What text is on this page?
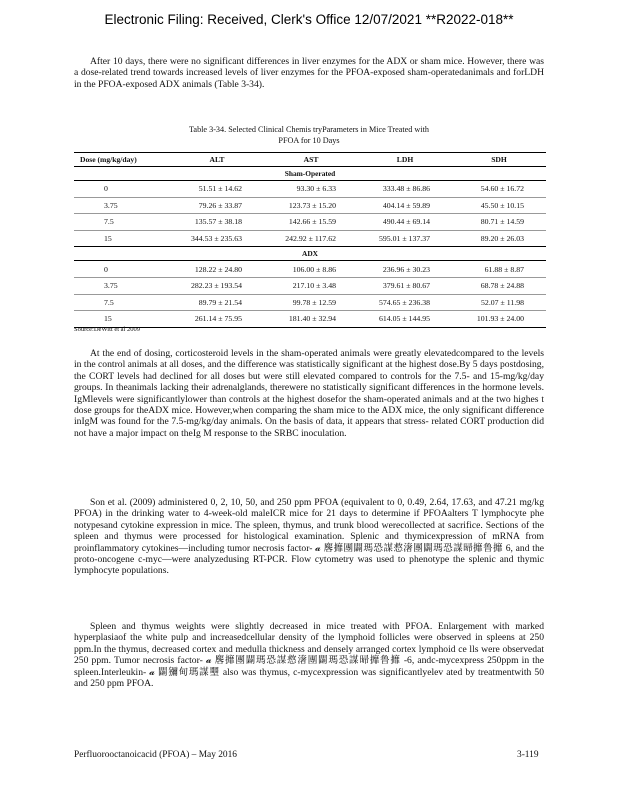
Electronic Filing: Received, Clerk's Office 12/07/2021 **R2022-018**

After 10 days, there were no significant differences in liver enzymes for the ADX or sham mice. However, there was a dose-related trend towards increased levels of liver enzymes for the PFOA-exposed sham-operatedanimals and forLDH in the PFOA-exposed ADX animals (Table 3-34).

Table 3-34. Selected Clinical Chemis tryParameters in Mice Treated with
PFOA for 10 Days
Dose (mg/kg/day)	ALT	AST	LDH	SDH
Sham-Operated				
0	51.51 ± 14.62	93.30 ± 6.33	333.48 ± 86.86	54.60 ± 16.72
3.75	79.26 ± 33.87	123.73 ± 15.20	404.14 ± 59.89	45.50 ± 10.15
7.5	135.57 ± 38.18	142.66 ± 15.59	490.44 ± 69.14	80.71 ± 14.59
15	344.53 ± 235.63	242.92 ± 117.62	595.01 ± 137.37	89.20 ± 26.03
ADX				
0	128.22 ± 24.80	106.00 ± 8.86	236.96 ± 30.23	61.88 ± 8.87
3.75	282.23 ± 193.54	217.10 ± 3.48	379.61 ± 80.67	68.78 ± 24.88
7.5	89.79 ± 21.54	99.78 ± 12.59	574.65 ± 236.38	52.07 ± 11.98
15	261.14 ± 75.95	181.40 ± 32.94	614.05 ± 144.95	101.93 ± 24.00
Source:DeWitt et al 2009

At the end of dosing, corticosteroid levels in the sham-operated animals were greatly elevatedcompared to the levels in the control animals at all doses, and the difference was statistically significant at the highest dose.By 5 days postdosing, the CORT levels had declined for all doses but were still elevated compared to controls for the 7.5- and 15-mg/kg/day groups. In theanimals lacking their adrenalglands, therewere no statistically significant differences in the hormone levels. IgMlevels were significantlylower than controls at the highest dosefor the sham-operated animals and at the two highes t dose groups for theADX mice. However,when comparing the sham mice to the ADX mice, the only significant difference inIgM was found for the 7.5-mg/kg/day animals. On the basis of data, it appears that stress- related CORT production did not have a major impact on theIg M response to the SRBC inoculation.

Son et al. (2009) administered 0, 2, 10, 50, and 250 ppm PFOA (equivalent to 0, 0.49, 2.64, 17.63, and 47.21 mg/kg PFOA) in the drinking water to 4-week-old maleICR mice for 21 days to determine if PFOAalters T lymphocyte phe notypesand cytokine expression in mice. The spleen, thymus, and trunk blood werecollected at sacrifice. Sections of the spleen and thymus were processed for histological examination. Splenic and thymicexpression of mRNA from proinflammatory cytokines—including tumor necrosis factor- 𝓪 麐攠團闢瑪恐謀慦㵔團闢瑪恐謀㫶攠鲁攠 6, and the proto-oncogene c-myc—were analyzedusing RT-PCR. Flow cytometry was used to phenotype the splenic and thymic lymphocyte populations.

Spleen and thymus weights were slightly decreased in mice treated with PFOA. Enlargement with marked hyperplasiaof the white pulp and increasedcellular density of the lymphoid follicles were observed in spleens at 250 ppm.In the thymus, decreased cortex and medulla thickness and densely arranged cortex lymphoid ce lls were observedat 250 ppm. Tumor necrosis factor- 𝓪 麐攠團闢瑪恐謀慦㵔團闢瑪恐謀㫶攠鲁攠 -6, andc-mycexpress 250ppm in the spleen.Interleukin- 𝓪 闢獼甸瑪謀壨 also was thymus, c-mycexpression was significantlyelev ated by treatmentwith 50 and 250 ppm PFOA.

Perfluorooctanoicacid (PFOA) – May 2016	3-119
